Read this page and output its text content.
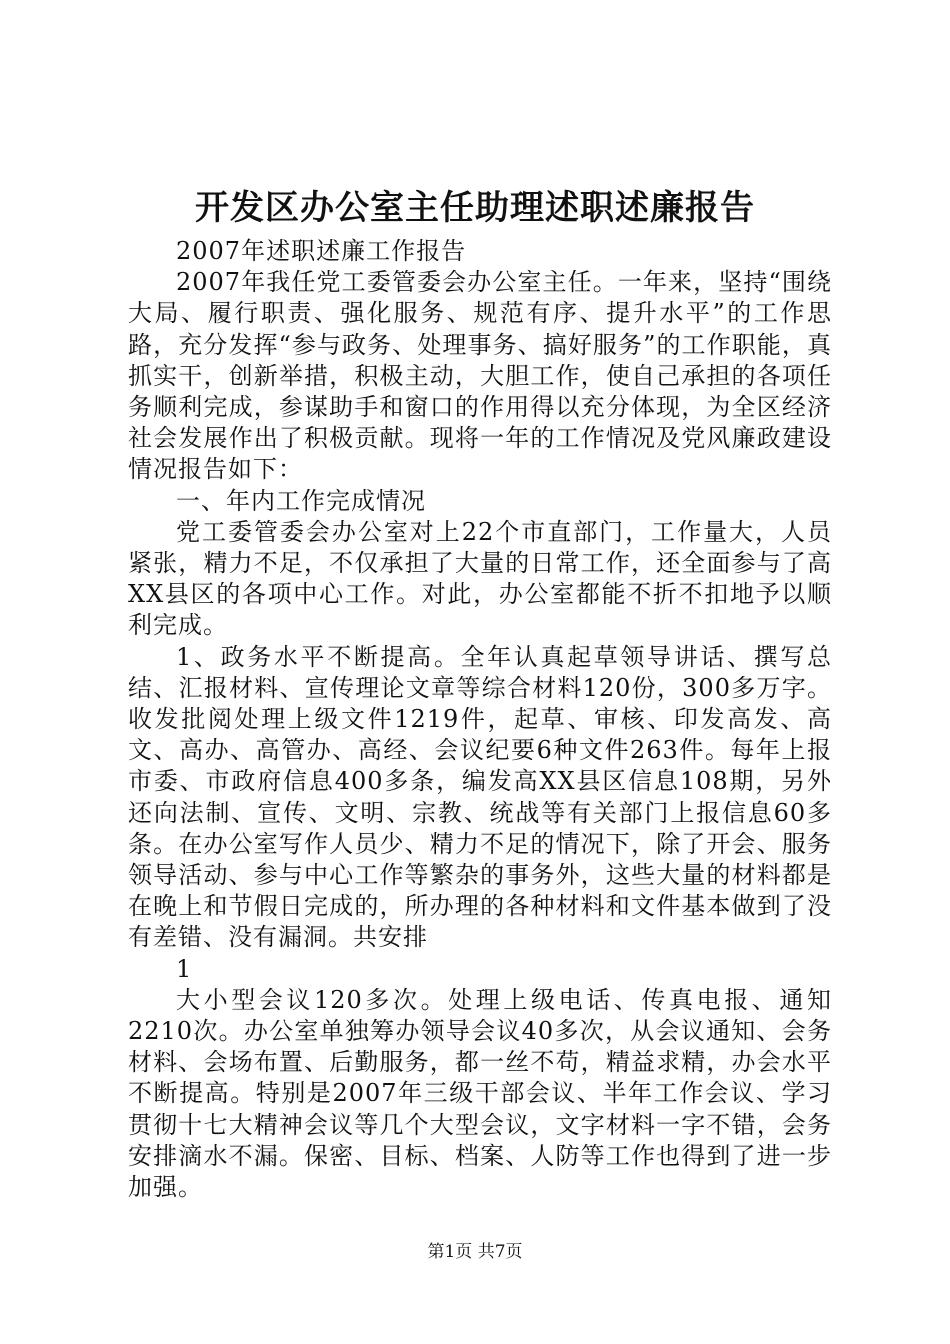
开发区办公室主任助理述职述廉报告

2007年述职述廉工作报告

2007年我任党工委管委会办公室主任。一年来，坚持“围绕大局、履行职责、强化服务、规范有序、提升水平”的工作思路，充分发挥“参与政务、处理事务、搞好服务”的工作职能，真抓实干，创新举措，积极主动，大胆工作，使自己承担的各项任务顺利完成，参谋助手和窗口的作用得以充分体现，为全区经济社会发展作出了积极贡献。现将一年的工作情况及党风廉政建设情况报告如下：

一、年内工作完成情况

党工委管委会办公室对上22个市直部门，工作量大，人员紧张，精力不足，不仅承担了大量的日常工作，还全面参与了高XX县区的各项中心工作。对此，办公室都能不折不扣地予以顺利完成。

1、政务水平不断提高。全年认真起草领导讲话、撰写总结、汇报材料、宣传理论文章等综合材料120份，300多万字。收发批阅处理上级文件1219件，起草、审核、印发高发、高文、高办、高管办、高经、会议纪要6种文件263件。每年上报市委、市政府信息400多条，编发高XX县区信息108期，另外还向法制、宣传、文明、宗教、统战等有关部门上报信息60多条。在办公室写作人员少、精力不足的情况下，除了开会、服务领导活动、参与中心工作等繁杂的事务外，这些大量的材料都是在晚上和节假日完成的，所办理的各种材料和文件基本做到了没有差错、没有漏洞。共安排

1

大小型会议120多次。处理上级电话、传真电报、通知2210次。办公室单独筹办领导会议40多次，从会议通知、会务材料、会场布置、后勤服务，都一丝不苟，精益求精，办会水平不断提高。特别是2007年三级干部会议、半年工作会议、学习贯彻十七大精神会议等几个大型会议，文字材料一字不错，会务安排滴水不漏。保密、目标、档案、人防等工作也得到了进一步加强。

第1页 共7页
